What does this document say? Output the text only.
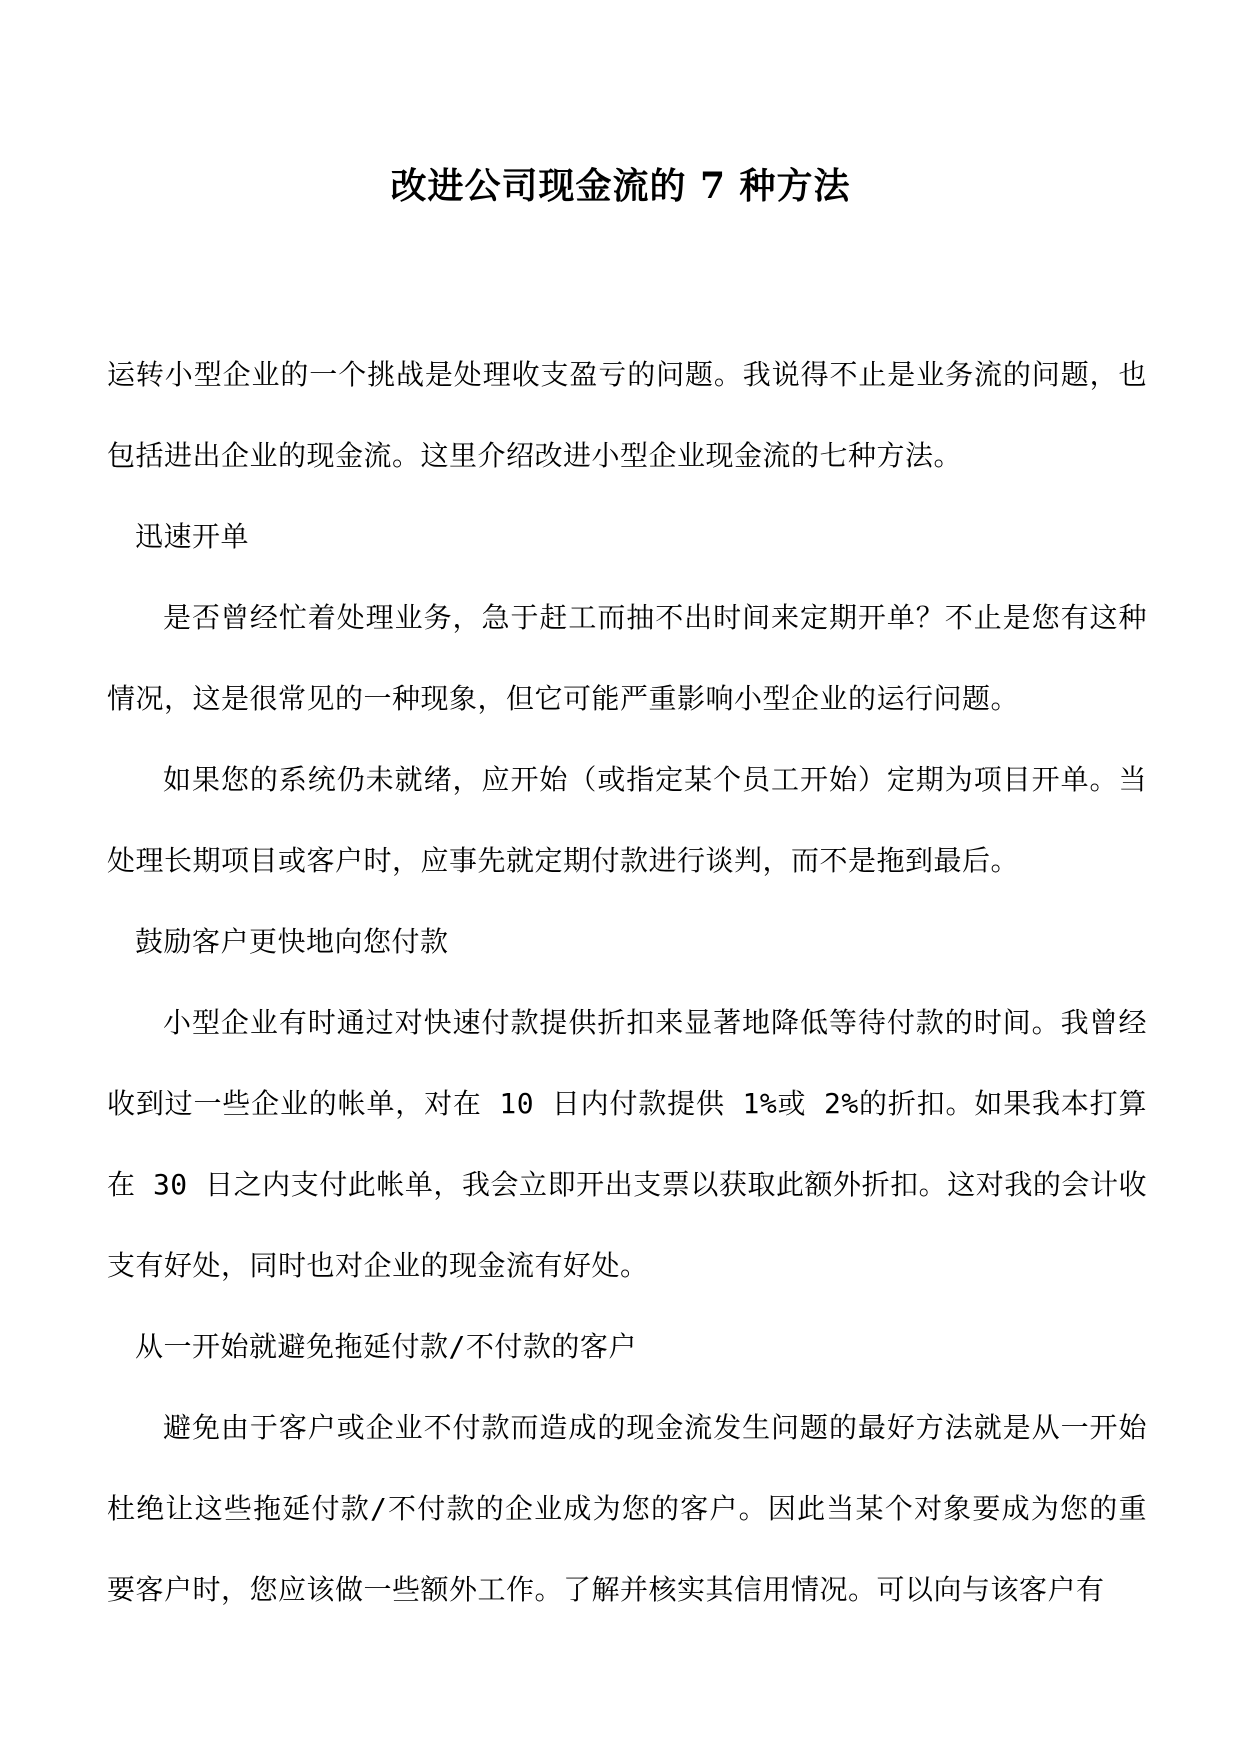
改进公司现金流的 7 种方法

运转小型企业的一个挑战是处理收支盈亏的问题。我说得不止是业务流的问题，也包括进出企业的现金流。这里介绍改进小型企业现金流的七种方法。

迅速开单

是否曾经忙着处理业务，急于赶工而抽不出时间来定期开单？不止是您有这种情况，这是很常见的一种现象，但它可能严重影响小型企业的运行问题。

如果您的系统仍未就绪，应开始（或指定某个员工开始）定期为项目开单。当处理长期项目或客户时，应事先就定期付款进行谈判，而不是拖到最后。

鼓励客户更快地向您付款

小型企业有时通过对快速付款提供折扣来显著地降低等待付款的时间。我曾经收到过一些企业的帐单，对在 10 日内付款提供 1%或 2%的折扣。如果我本打算在 30 日之内支付此帐单，我会立即开出支票以获取此额外折扣。这对我的会计收支有好处，同时也对企业的现金流有好处。

从一开始就避免拖延付款/不付款的客户

避免由于客户或企业不付款而造成的现金流发生问题的最好方法就是从一开始杜绝让这些拖延付款/不付款的企业成为您的客户。因此当某个对象要成为您的重要客户时，您应该做一些额外工作。了解并核实其信用情况。可以向与该客户有
